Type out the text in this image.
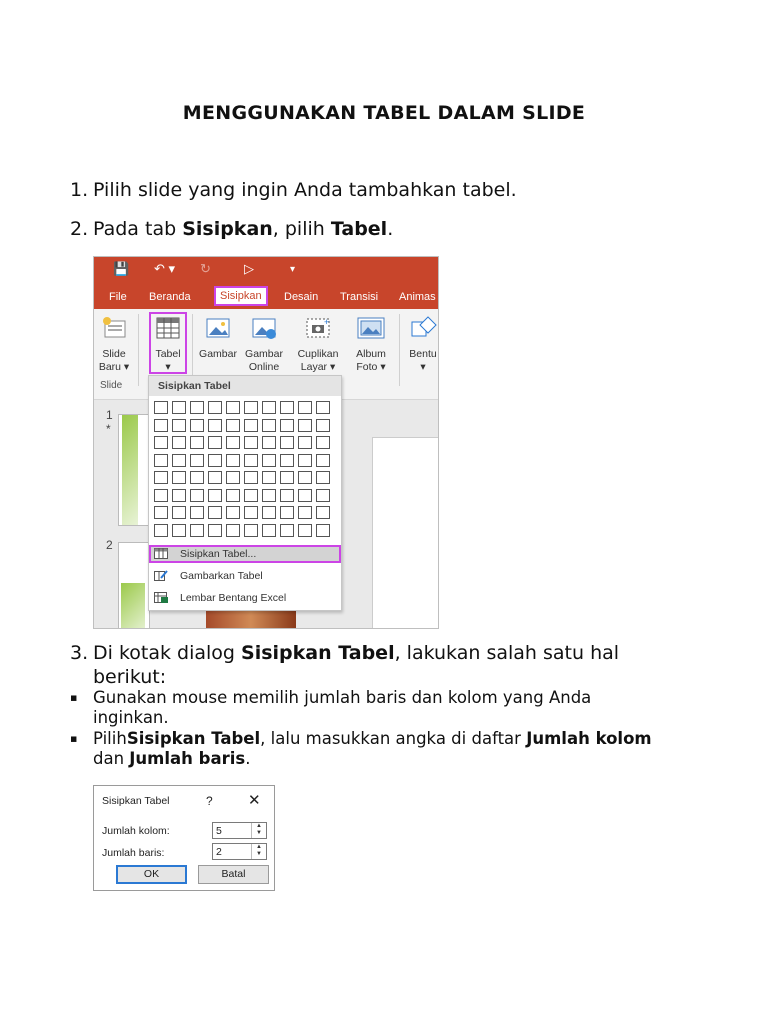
MENGGUNAKAN TABEL DALAM SLIDE
1. Pilih slide yang ingin Anda tambahkan tabel.
2. Pada tab Sisipkan, pilih Tabel.
💾 ↶ ▾ ↻	▷	▾
File Beranda	Sisipkan	Desain Transisi Animas
Slide
Baru ▾
Tabel
▾
Gambar Gambar
Online
+
Cuplikan
Layar ▾
Album
Foto ▾
Bentu
▾
Slide
1
*
2
Sisipkan Tabel
Sisipkan Tabel...
Gambarkan Tabel
Lembar Bentang Excel
3. Di kotak dialog Sisipkan Tabel, lakukan salah satu hal berikut:
▪ Gunakan mouse memilih jumlah baris dan kolom yang Anda inginkan.
▪ PilihSisipkan Tabel, lalu masukkan angka di daftar Jumlah kolom dan Jumlah baris.
Sisipkan Tabel	? ✕
Jumlah kolom:	5	▲
▼
Jumlah baris:	2	▲
▼
OK	Batal
